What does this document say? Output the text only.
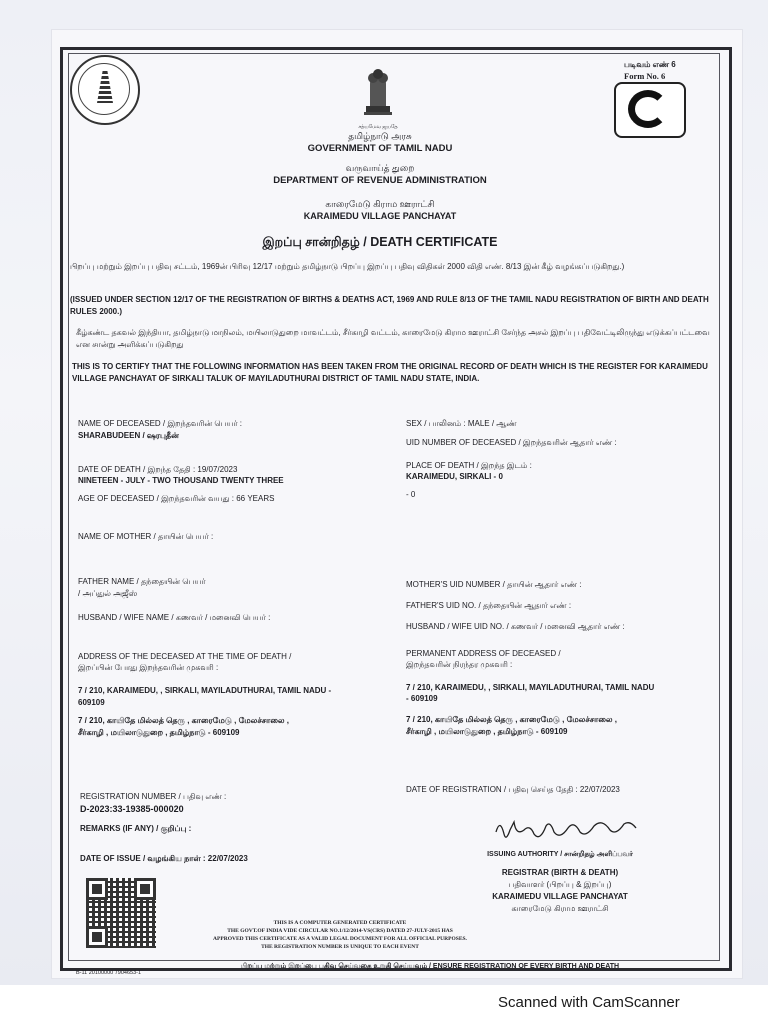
சத்யமேவ ஜயதே
படிவம் எண் 6
Form No. 6
தமிழ்நாடு அரசு
GOVERNMENT OF TAMIL NADU
வருவாய்த் துறை
DEPARTMENT OF REVENUE ADMINISTRATION
காரைமேடு கிராம ஊராட்சி
KARAIMEDU VILLAGE PANCHAYAT
இறப்பு சான்றிதழ் / DEATH CERTIFICATE
பிறப்பு மற்றும் இறப்பு பதிவு சட்டம், 1969ன் பிரிவு 12/17 மற்றும் தமிழ்நாடு பிறப்பு இறப்பு பதிவு விதிகள் 2000 விதி எண். 8/13 இன் கீழ் வழங்கப்படுகிறது.)
(ISSUED UNDER SECTION 12/17 OF THE REGISTRATION OF BIRTHS & DEATHS ACT, 1969 AND RULE 8/13 OF THE TAMIL NADU REGISTRATION OF BIRTH AND DEATH RULES 2000.)
கீழ்கண்ட தகவல் இந்தியா, தமிழ்நாடு மாநிலம், மயிலாடுதுறை மாவட்டம், சீர்காழி வட்டம், காரைமேடு கிராம ஊராட்சி சேர்ந்த அசல் இறப்பு பதிவேட்டிலிருந்து எடுக்கப்பட்டவை என சான்று அளிக்கப்படுகிறது
THIS IS TO CERTIFY THAT THE FOLLOWING INFORMATION HAS BEEN TAKEN FROM THE ORIGINAL RECORD OF DEATH WHICH IS THE REGISTER FOR KARAIMEDU VILLAGE PANCHAYAT OF SIRKALI TALUK OF MAYILADUTHURAI DISTRICT OF TAMIL NADU STATE, INDIA.
NAME OF DECEASED / இறந்தவரின் பெயர் :
SHARABUDEEN / ஷரபுதீன்
DATE OF DEATH / இறந்த தேதி : 19/07/2023
NINETEEN - JULY - TWO THOUSAND TWENTY THREE
AGE OF DECEASED / இறந்தவரின் வயது : 66 YEARS
NAME OF MOTHER / தாயின் பெயர் :
FATHER NAME / தந்தையின் பெயர்
/ அப்துல் அஜீஸ்
HUSBAND / WIFE NAME / கணவர் / மனைவி பெயர் :
ADDRESS OF THE DECEASED AT THE TIME OF DEATH /
இறப்பின் போது இறந்தவரின் முகவரி :
7 / 210, KARAIMEDU, , SIRKALI, MAYILADUTHURAI, TAMIL NADU -
609109
7 / 210, காயிதே மில்லத் தெரு , காரைமேடு , மேலச்சாலை ,
சீர்காழி , மயிலாடுதுறை , தமிழ்நாடு - 609109
SEX / பாலினம் : MALE / ஆண்
UID NUMBER OF DECEASED / இறந்தவரின் ஆதார் எண் :
PLACE OF DEATH / இறந்த இடம் :
KARAIMEDU, SIRKALI - 0
- 0
MOTHER'S UID NUMBER / தாயின் ஆதார் எண் :
FATHER'S UID NO. / தந்தையின் ஆதார் எண் :
HUSBAND / WIFE UID NO. / கணவர் / மனைவி ஆதார் எண் :
PERMANENT ADDRESS OF DECEASED /
இறந்தவரின் நிரந்தர முகவரி :
7 / 210, KARAIMEDU, , SIRKALI, MAYILADUTHURAI, TAMIL NADU
- 609109
7 / 210, காயிதே மில்லத் தெரு , காரைமேடு , மேலச்சாலை ,
சீர்காழி , மயிலாடுதுறை , தமிழ்நாடு - 609109
REGISTRATION NUMBER / பதிவு எண் :
D-2023:33-19385-000020
DATE OF REGISTRATION / பதிவு செய்த தேதி : 22/07/2023
REMARKS (IF ANY) / குறிப்பு :
DATE OF ISSUE / வழங்கிய நாள் : 22/07/2023	ISSUING AUTHORITY / சான்றிதழ் அளிப்பவர்
REGISTRAR (BIRTH & DEATH)
பதிவாளர் (பிறப்பு & இறப்பு)
KARAIMEDU VILLAGE PANCHAYAT
காரைமேடு கிராம ஊராட்சி
THIS IS A COMPUTER GENERATED CERTIFICATE
THE GOVT.OF INDIA VIDE CIRCULAR NO.1/12/2014-VS(CRS) DATED 27-JULY-2015 HAS
APPROVED THIS CERTIFICATE AS A VALID LEGAL DOCUMENT FOR ALL OFFICIAL PURPOSES.
THE REGISTRATION NUMBER IS UNIQUE TO EACH EVENT
B-11 20100000 7904653-1
பிறப்பு மற்றும் இறப்பை பதிவு செய்வதை உறுதி செய்யவும் / ENSURE REGISTRATION OF EVERY BIRTH AND DEATH
Scanned with CamScanner
